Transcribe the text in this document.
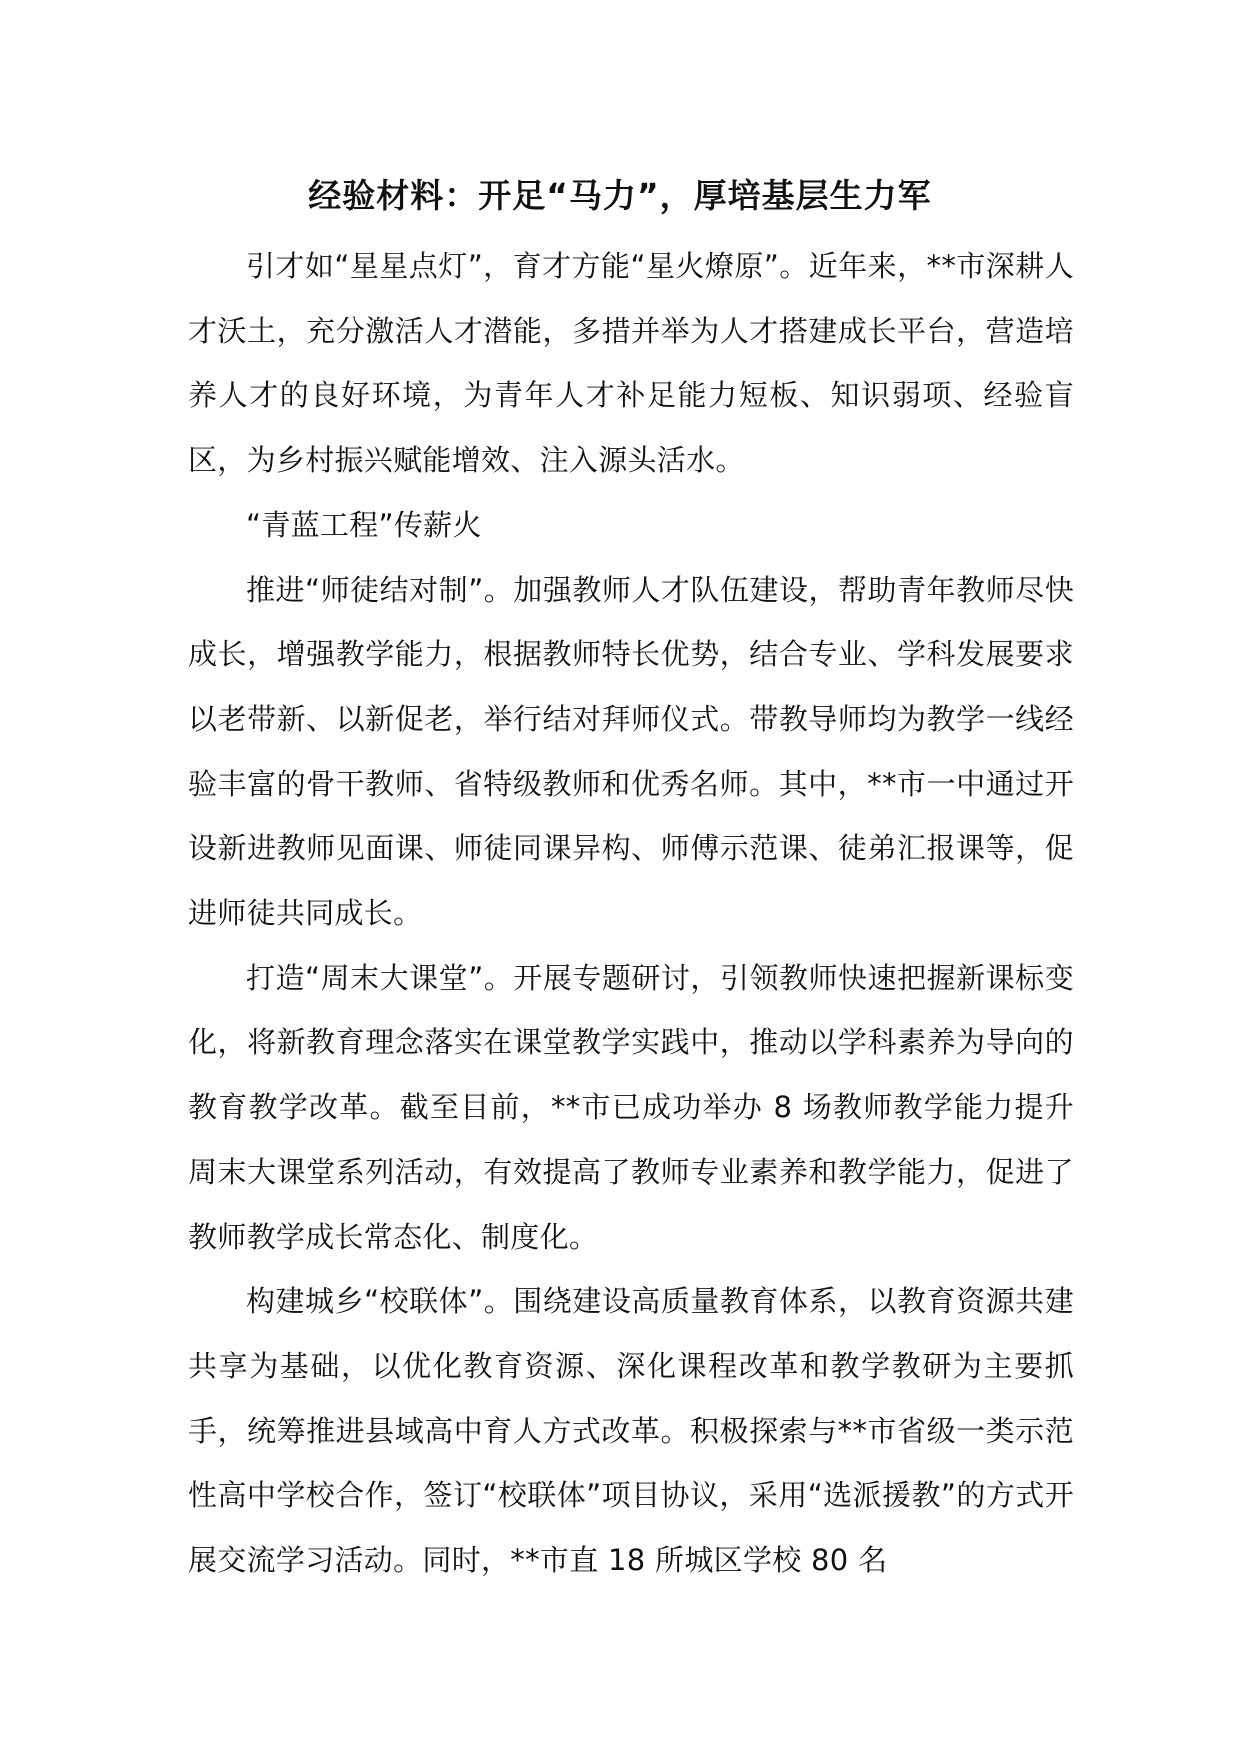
经验材料：开足“马力”，厚培基层生力军

引才如“星星点灯”，育才方能“星火燎原”。近年来，**市深耕人才沃土，充分激活人才潜能，多措并举为人才搭建成长平台，营造培养人才的良好环境，为青年人才补足能力短板、知识弱项、经验盲区，为乡村振兴赋能增效、注入源头活水。

“青蓝工程”传薪火

推进“师徒结对制”。加强教师人才队伍建设，帮助青年教师尽快成长，增强教学能力，根据教师特长优势，结合专业、学科发展要求以老带新、以新促老，举行结对拜师仪式。带教导师均为教学一线经验丰富的骨干教师、省特级教师和优秀名师。其中，**市一中通过开设新进教师见面课、师徒同课异构、师傅示范课、徒弟汇报课等，促进师徒共同成长。

打造“周末大课堂”。开展专题研讨，引领教师快速把握新课标变化，将新教育理念落实在课堂教学实践中，推动以学科素养为导向的教育教学改革。截至目前，**市已成功举办 8 场教师教学能力提升周末大课堂系列活动，有效提高了教师专业素养和教学能力，促进了教师教学成长常态化、制度化。

构建城乡“校联体”。围绕建设高质量教育体系，以教育资源共建共享为基础，以优化教育资源、深化课程改革和教学教研为主要抓手，统筹推进县域高中育人方式改革。积极探索与**市省级一类示范性高中学校合作，签订“校联体”项目协议，采用“选派援教”的方式开展交流学习活动。同时，**市直 18 所城区学校 80 名
